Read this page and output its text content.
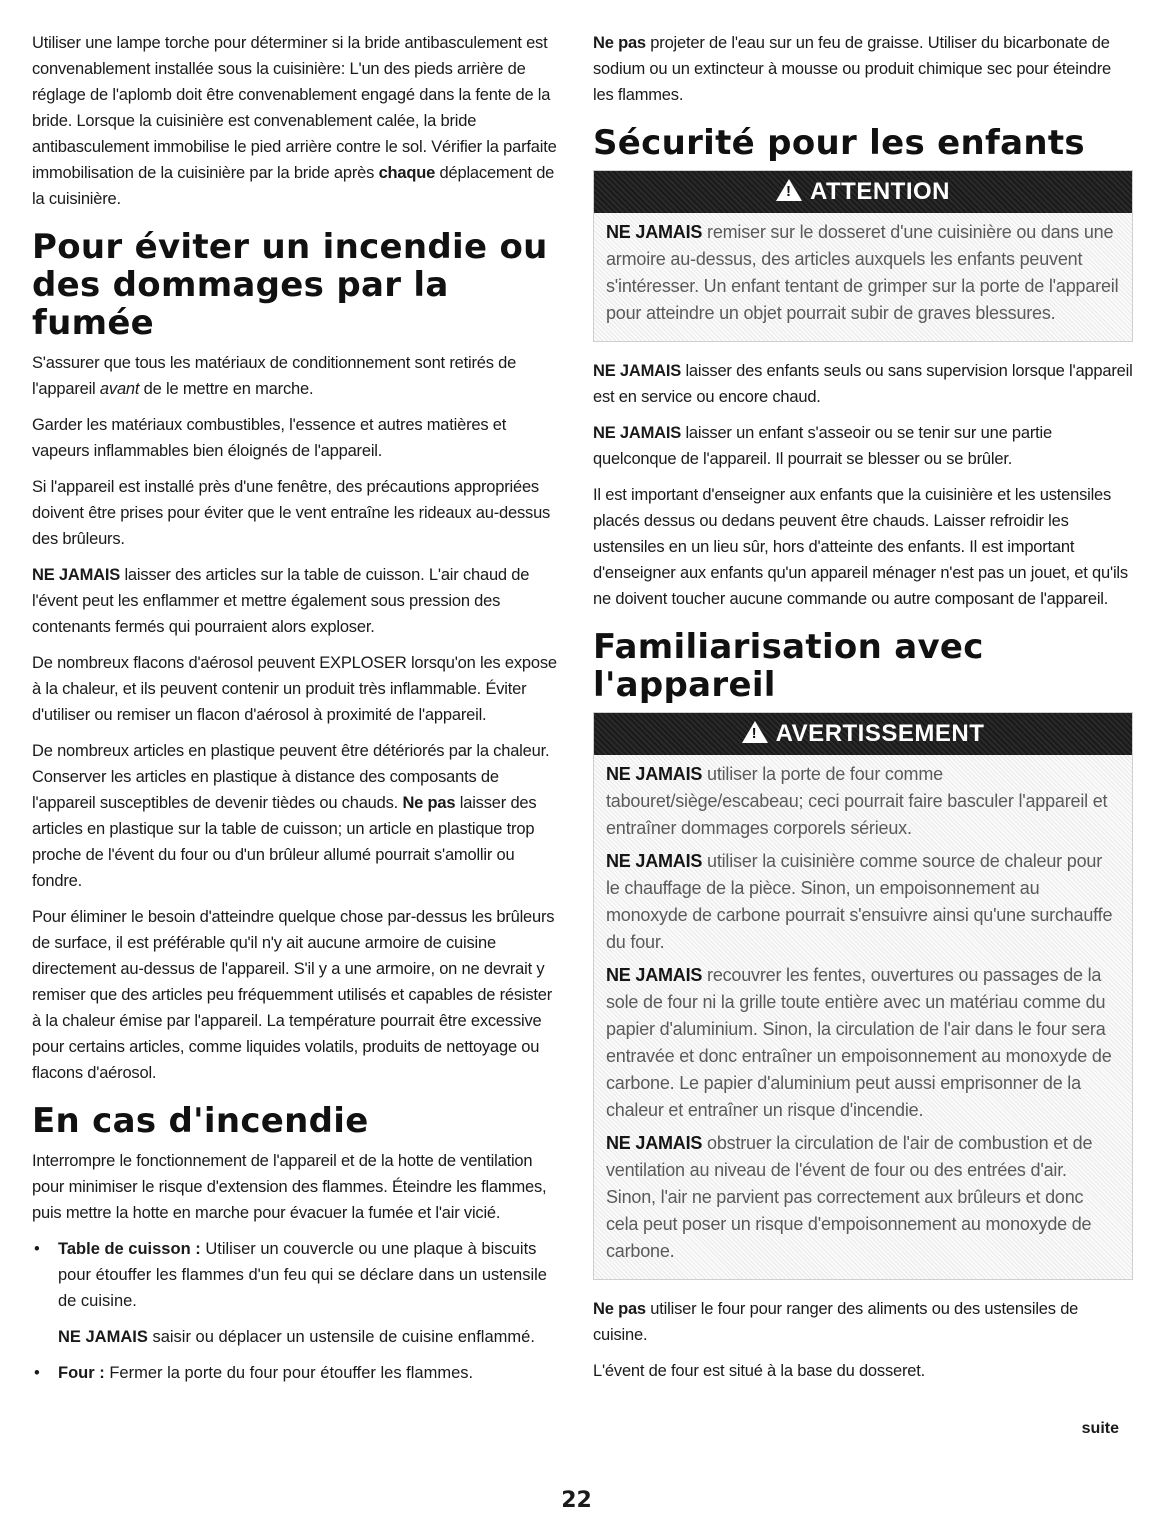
Utiliser une lampe torche pour déterminer si la bride antibasculement est convenablement installée sous la cuisinière: L'un des pieds arrière de réglage de l'aplomb doit être convenablement engagé dans la fente de la bride. Lorsque la cuisinière est convenablement calée, la bride antibasculement immobilise le pied arrière contre le sol. Vérifier la parfaite immobilisation de la cuisinière par la bride après chaque déplacement de la cuisinière.

Pour éviter un incendie ou des dommages par la fumée

S'assurer que tous les matériaux de conditionnement sont retirés de l'appareil avant de le mettre en marche.

Garder les matériaux combustibles, l'essence et autres matières et vapeurs inflammables bien éloignés de l'appareil.

Si l'appareil est installé près d'une fenêtre, des précautions appropriées doivent être prises pour éviter que le vent entraîne les rideaux au-dessus des brûleurs.

NE JAMAIS laisser des articles sur la table de cuisson. L'air chaud de l'évent peut les enflammer et mettre également sous pression des contenants fermés qui pourraient alors exploser.

De nombreux flacons d'aérosol peuvent EXPLOSER lorsqu'on les expose à la chaleur, et ils peuvent contenir un produit très inflammable. Éviter d'utiliser ou remiser un flacon d'aérosol à proximité de l'appareil.

De nombreux articles en plastique peuvent être détériorés par la chaleur. Conserver les articles en plastique à distance des composants de l'appareil susceptibles de devenir tièdes ou chauds. Ne pas laisser des articles en plastique sur la table de cuisson; un article en plastique trop proche de l'évent du four ou d'un brûleur allumé pourrait s'amollir ou fondre.

Pour éliminer le besoin d'atteindre quelque chose par-dessus les brûleurs de surface, il est préférable qu'il n'y ait aucune armoire de cuisine directement au-dessus de l'appareil. S'il y a une armoire, on ne devrait y remiser que des articles peu fréquemment utilisés et capables de résister à la chaleur émise par l'appareil. La température pourrait être excessive pour certains articles, comme liquides volatils, produits de nettoyage ou flacons d'aérosol.

En cas d'incendie

Interrompre le fonctionnement de l'appareil et de la hotte de ventilation pour minimiser le risque d'extension des flammes. Éteindre les flammes, puis mettre la hotte en marche pour évacuer la fumée et l'air vicié.

• Table de cuisson : Utiliser un couvercle ou une plaque à biscuits pour étouffer les flammes d'un feu qui se déclare dans un ustensile de cuisine.
NE JAMAIS saisir ou déplacer un ustensile de cuisine enflammé.
• Four : Fermer la porte du four pour étouffer les flammes.

Ne pas projeter de l'eau sur un feu de graisse. Utiliser du bicarbonate de sodium ou un extincteur à mousse ou produit chimique sec pour éteindre les flammes.

Sécurité pour les enfants
!ATTENTION

NE JAMAIS remiser sur le dosseret d'une cuisinière ou dans une armoire au-dessus, des articles auxquels les enfants peuvent s'intéresser. Un enfant tentant de grimper sur la porte de l'appareil pour atteindre un objet pourrait subir de graves blessures.

NE JAMAIS laisser des enfants seuls ou sans supervision lorsque l'appareil est en service ou encore chaud.

NE JAMAIS laisser un enfant s'asseoir ou se tenir sur une partie quelconque de l'appareil. Il pourrait se blesser ou se brûler.

Il est important d'enseigner aux enfants que la cuisinière et les ustensiles placés dessus ou dedans peuvent être chauds. Laisser refroidir les ustensiles en un lieu sûr, hors d'atteinte des enfants. Il est important d'enseigner aux enfants qu'un appareil ménager n'est pas un jouet, et qu'ils ne doivent toucher aucune commande ou autre composant de l'appareil.

Familiarisation avec l'appareil
!AVERTISSEMENT

NE JAMAIS utiliser la porte de four comme tabouret/siège/escabeau; ceci pourrait faire basculer l'appareil et entraîner dommages corporels sérieux.

NE JAMAIS utiliser la cuisinière comme source de chaleur pour le chauffage de la pièce. Sinon, un empoisonnement au monoxyde de carbone pourrait s'ensuivre ainsi qu'une surchauffe du four.

NE JAMAIS recouvrer les fentes, ouvertures ou passages de la sole de four ni la grille toute entière avec un matériau comme du papier d'aluminium. Sinon, la circulation de l'air dans le four sera entravée et donc entraîner un empoisonnement au monoxyde de carbone. Le papier d'aluminium peut aussi emprisonner de la chaleur et entraîner un risque d'incendie.

NE JAMAIS obstruer la circulation de l'air de combustion et de ventilation au niveau de l'évent de four ou des entrées d'air. Sinon, l'air ne parvient pas correctement aux brûleurs et donc cela peut poser un risque d'empoisonnement au monoxyde de carbone.

Ne pas utiliser le four pour ranger des aliments ou des ustensiles de cuisine.

L'évent de four est situé à la base du dosseret.

suite
22
